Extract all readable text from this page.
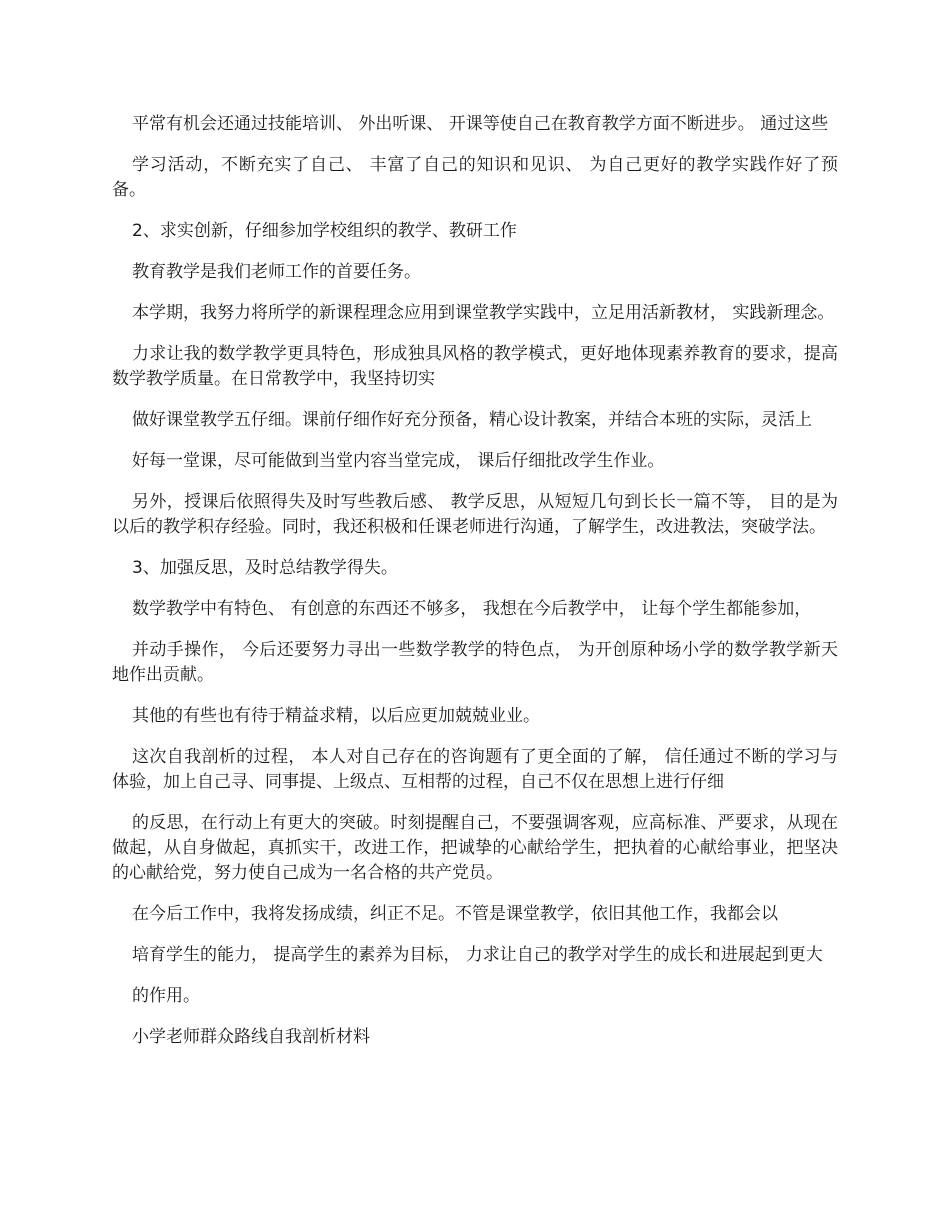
平常有机会还通过技能培训、 外出听课、 开课等使自己在教育教学方面不断进步。 通过这些

学习活动，不断充实了自己、 丰富了自己的知识和见识、 为自己更好的教学实践作好了预备。

2、求实创新，仔细参加学校组织的教学、教研工作

教育教学是我们老师工作的首要任务。

本学期，我努力将所学的新课程理念应用到课堂教学实践中，立足用活新教材， 实践新理念。

力求让我的数学教学更具特色，形成独具风格的教学模式，更好地体现素养教育的要求，提高数学教学质量。在日常教学中，我坚持切实

做好课堂教学五仔细。课前仔细作好充分预备，精心设计教案，并结合本班的实际，灵活上

好每一堂课，尽可能做到当堂内容当堂完成， 课后仔细批改学生作业。

另外，授课后依照得失及时写些教后感、 教学反思，从短短几句到长长一篇不等， 目的是为以后的教学积存经验。同时，我还积极和任课老师进行沟通，了解学生，改进教法，突破学法。

3、加强反思，及时总结教学得失。

数学教学中有特色、 有创意的东西还不够多， 我想在今后教学中， 让每个学生都能参加，

并动手操作， 今后还要努力寻出一些数学教学的特色点， 为开创原种场小学的数学教学新天地作出贡献。

其他的有些也有待于精益求精，以后应更加兢兢业业。

这次自我剖析的过程， 本人对自己存在的咨询题有了更全面的了解， 信任通过不断的学习与体验，加上自己寻、同事提、上级点、互相帮的过程，自己不仅在思想上进行仔细

的反思，在行动上有更大的突破。时刻提醒自己，不要强调客观，应高标准、严要求，从现在做起，从自身做起，真抓实干，改进工作，把诚挚的心献给学生，把执着的心献给事业，把坚决的心献给党，努力使自己成为一名合格的共产党员。

在今后工作中，我将发扬成绩，纠正不足。不管是课堂教学，依旧其他工作，我都会以

培育学生的能力， 提高学生的素养为目标， 力求让自己的教学对学生的成长和进展起到更大

的作用。

小学老师群众路线自我剖析材料
